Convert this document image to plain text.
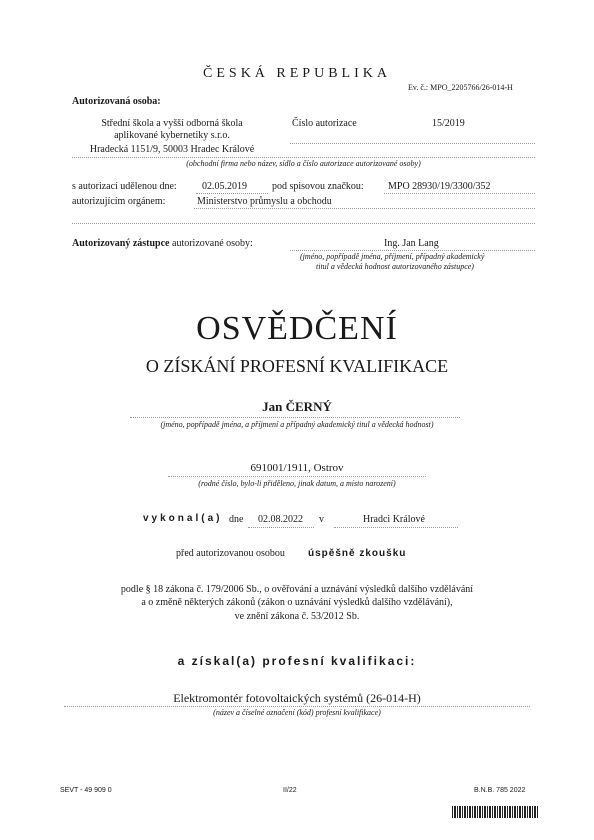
ČESKÁ REPUBLIKA
Ev. č.: MPO_2205766/26-014-H
Autorizovaná osoba:
Střední škola a vyšší odborná škola
aplikované kybernetiky s.r.o.
Číslo autorizace	15/2019
Hradecká 1151/9, 50003 Hradec Králové
(obchodní firma nebo název, sídlo a číslo autorizace autorizované osoby)
s autorizací udělenou dne:	02.05.2019	pod spisovou značkou: MPO 28930/19/3300/352
autorizujícím orgánem:	Ministerstvo průmyslu a obchodu
Autorizovaný zástupce autorizované osoby:	Ing. Jan Lang
(jméno, popřípadě jména, příjmení, případný akademický
titul a vědecká hodnost autorizovaného zástupce)
OSVĚDČENÍ
O ZÍSKÁNÍ PROFESNÍ KVALIFIKACE
Jan ČERNÝ
(jméno, popřípadě jména, a příjmení a případný akademický titul a vědecká hodnost)
691001/1911, Ostrov
(rodné číslo, bylo-li přiděleno, jinak datum, a místo narození)
vykonal(a) dne 02.08.2022 v	Hradci Králové
před autorizovanou osobou úspěšně zkoušku
podle § 18 zákona č. 179/2006 Sb., o ověřování a uznávání výsledků dalšího vzdělávání
a o změně některých zákonů (zákon o uznávání výsledků dalšího vzdělávání),
ve znění zákona č. 53/2012 Sb.
a získal(a) profesní kvalifikaci:
Elektromontér fotovoltaických systémů (26-014-H)
(název a číselné označení (kód) profesní kvalifikace)
SEVT - 49 909 0	II/22	B.N.B. 785 2022
